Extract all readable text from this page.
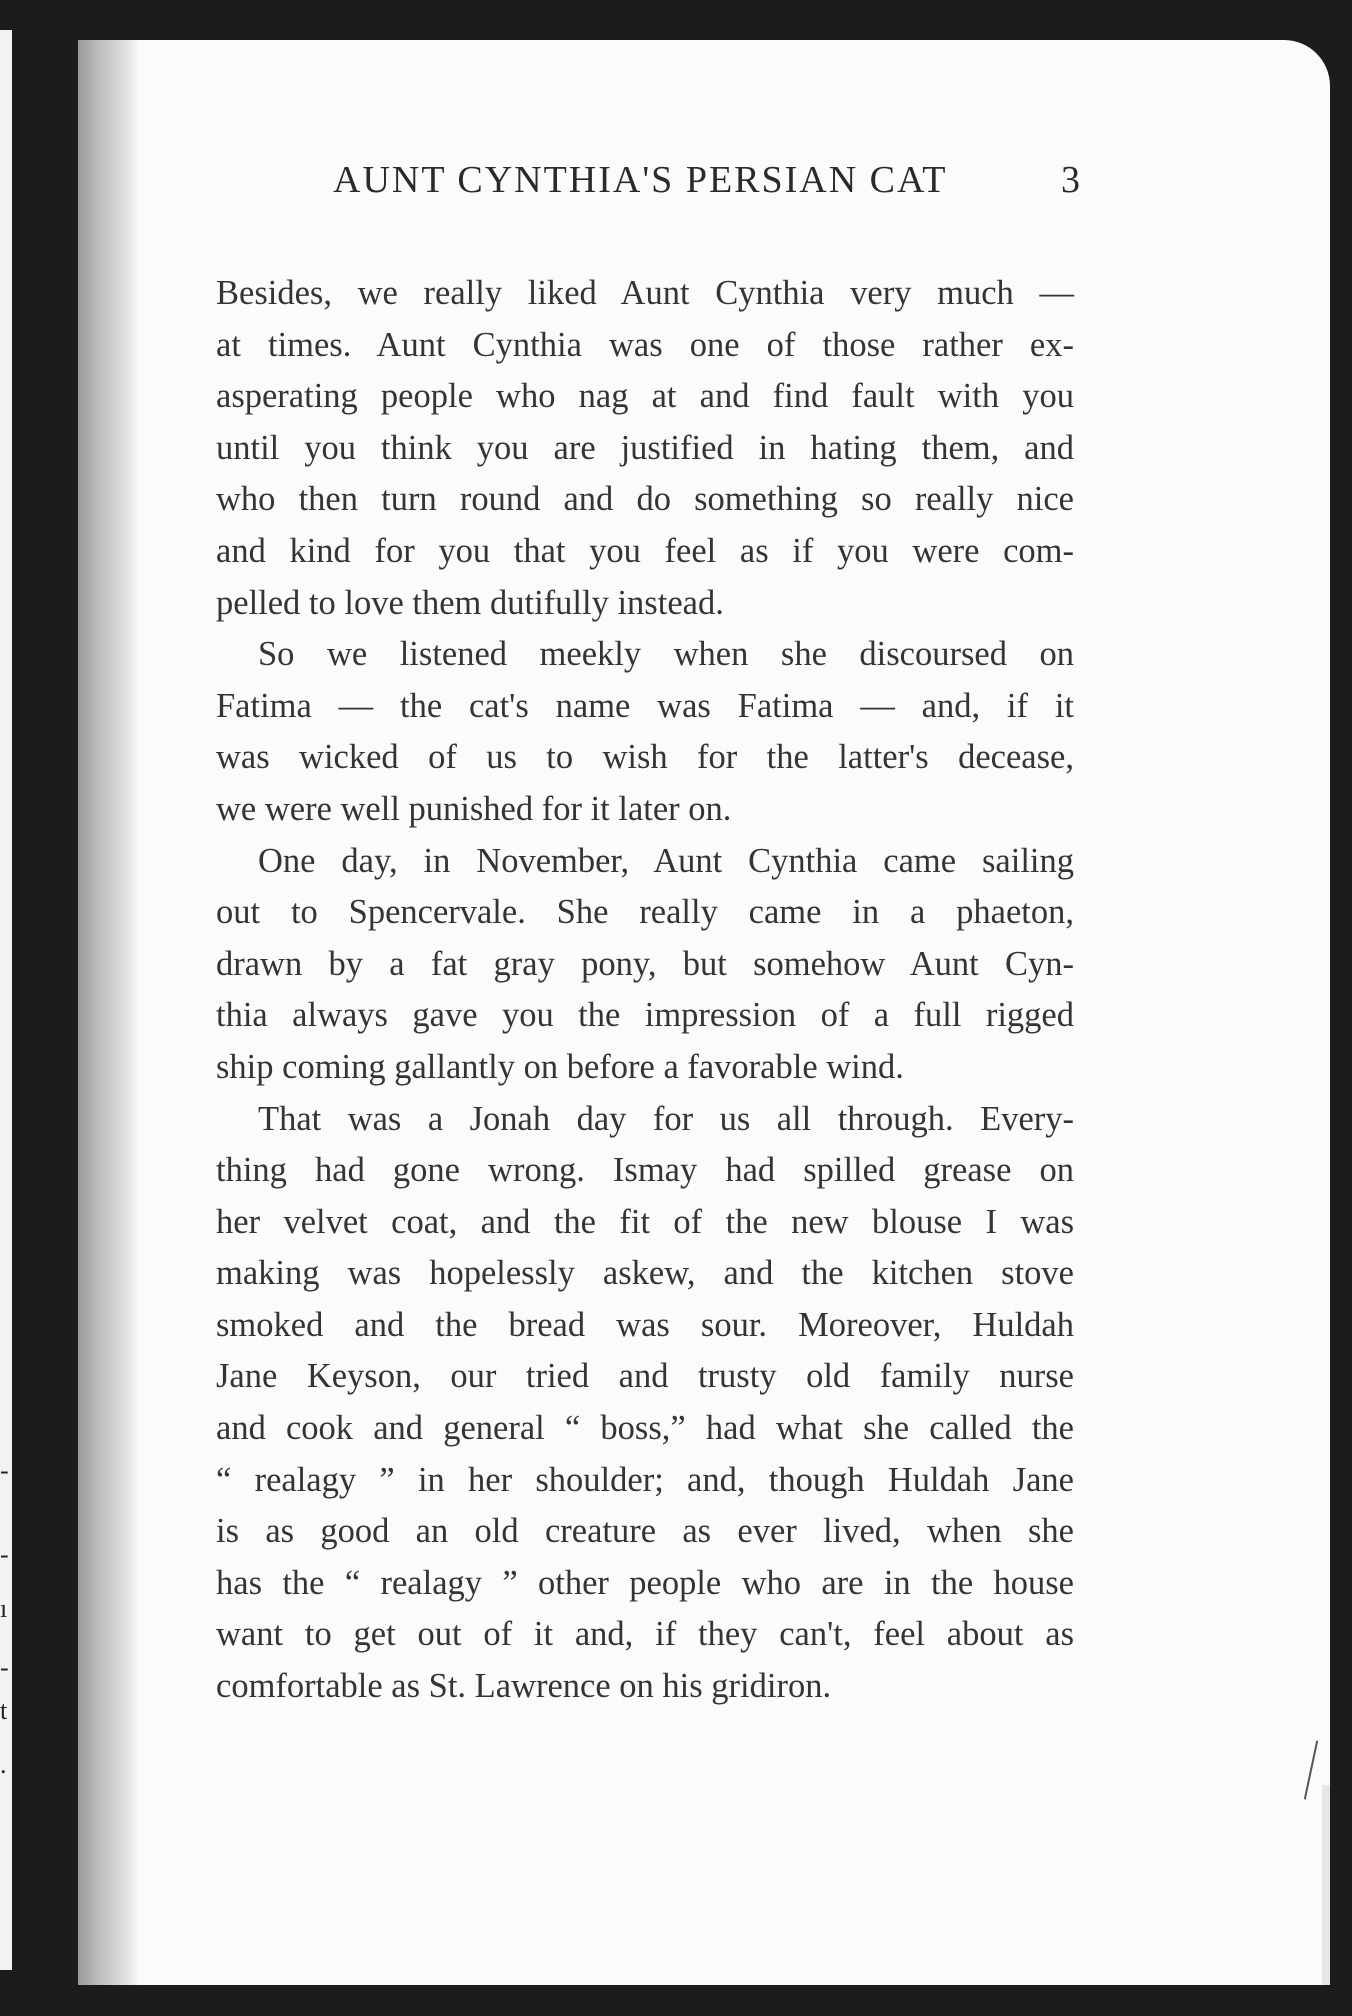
-
-
ı
-
t
.
AUNT CYNTHIA'S PERSIAN CAT	3
Besides, we really liked Aunt Cynthia very much —
at times. Aunt Cynthia was one of those rather ex-
asperating people who nag at and find fault with you
until you think you are justified in hating them, and
who then turn round and do something so really nice
and kind for you that you feel as if you were com-
pelled to love them dutifully instead.
So we listened meekly when she discoursed on
Fatima — the cat's name was Fatima — and, if it
was wicked of us to wish for the latter's decease,
we were well punished for it later on.
One day, in November, Aunt Cynthia came sailing
out to Spencervale. She really came in a phaeton,
drawn by a fat gray pony, but somehow Aunt Cyn-
thia always gave you the impression of a full rigged
ship coming gallantly on before a favorable wind.
That was a Jonah day for us all through. Every-
thing had gone wrong. Ismay had spilled grease on
her velvet coat, and the fit of the new blouse I was
making was hopelessly askew, and the kitchen stove
smoked and the bread was sour. Moreover, Huldah
Jane Keyson, our tried and trusty old family nurse
and cook and general “ boss,” had what she called the
“ realagy ” in her shoulder; and, though Huldah Jane
is as good an old creature as ever lived, when she
has the “ realagy ” other people who are in the house
want to get out of it and, if they can't, feel about as
comfortable as St. Lawrence on his gridiron.
